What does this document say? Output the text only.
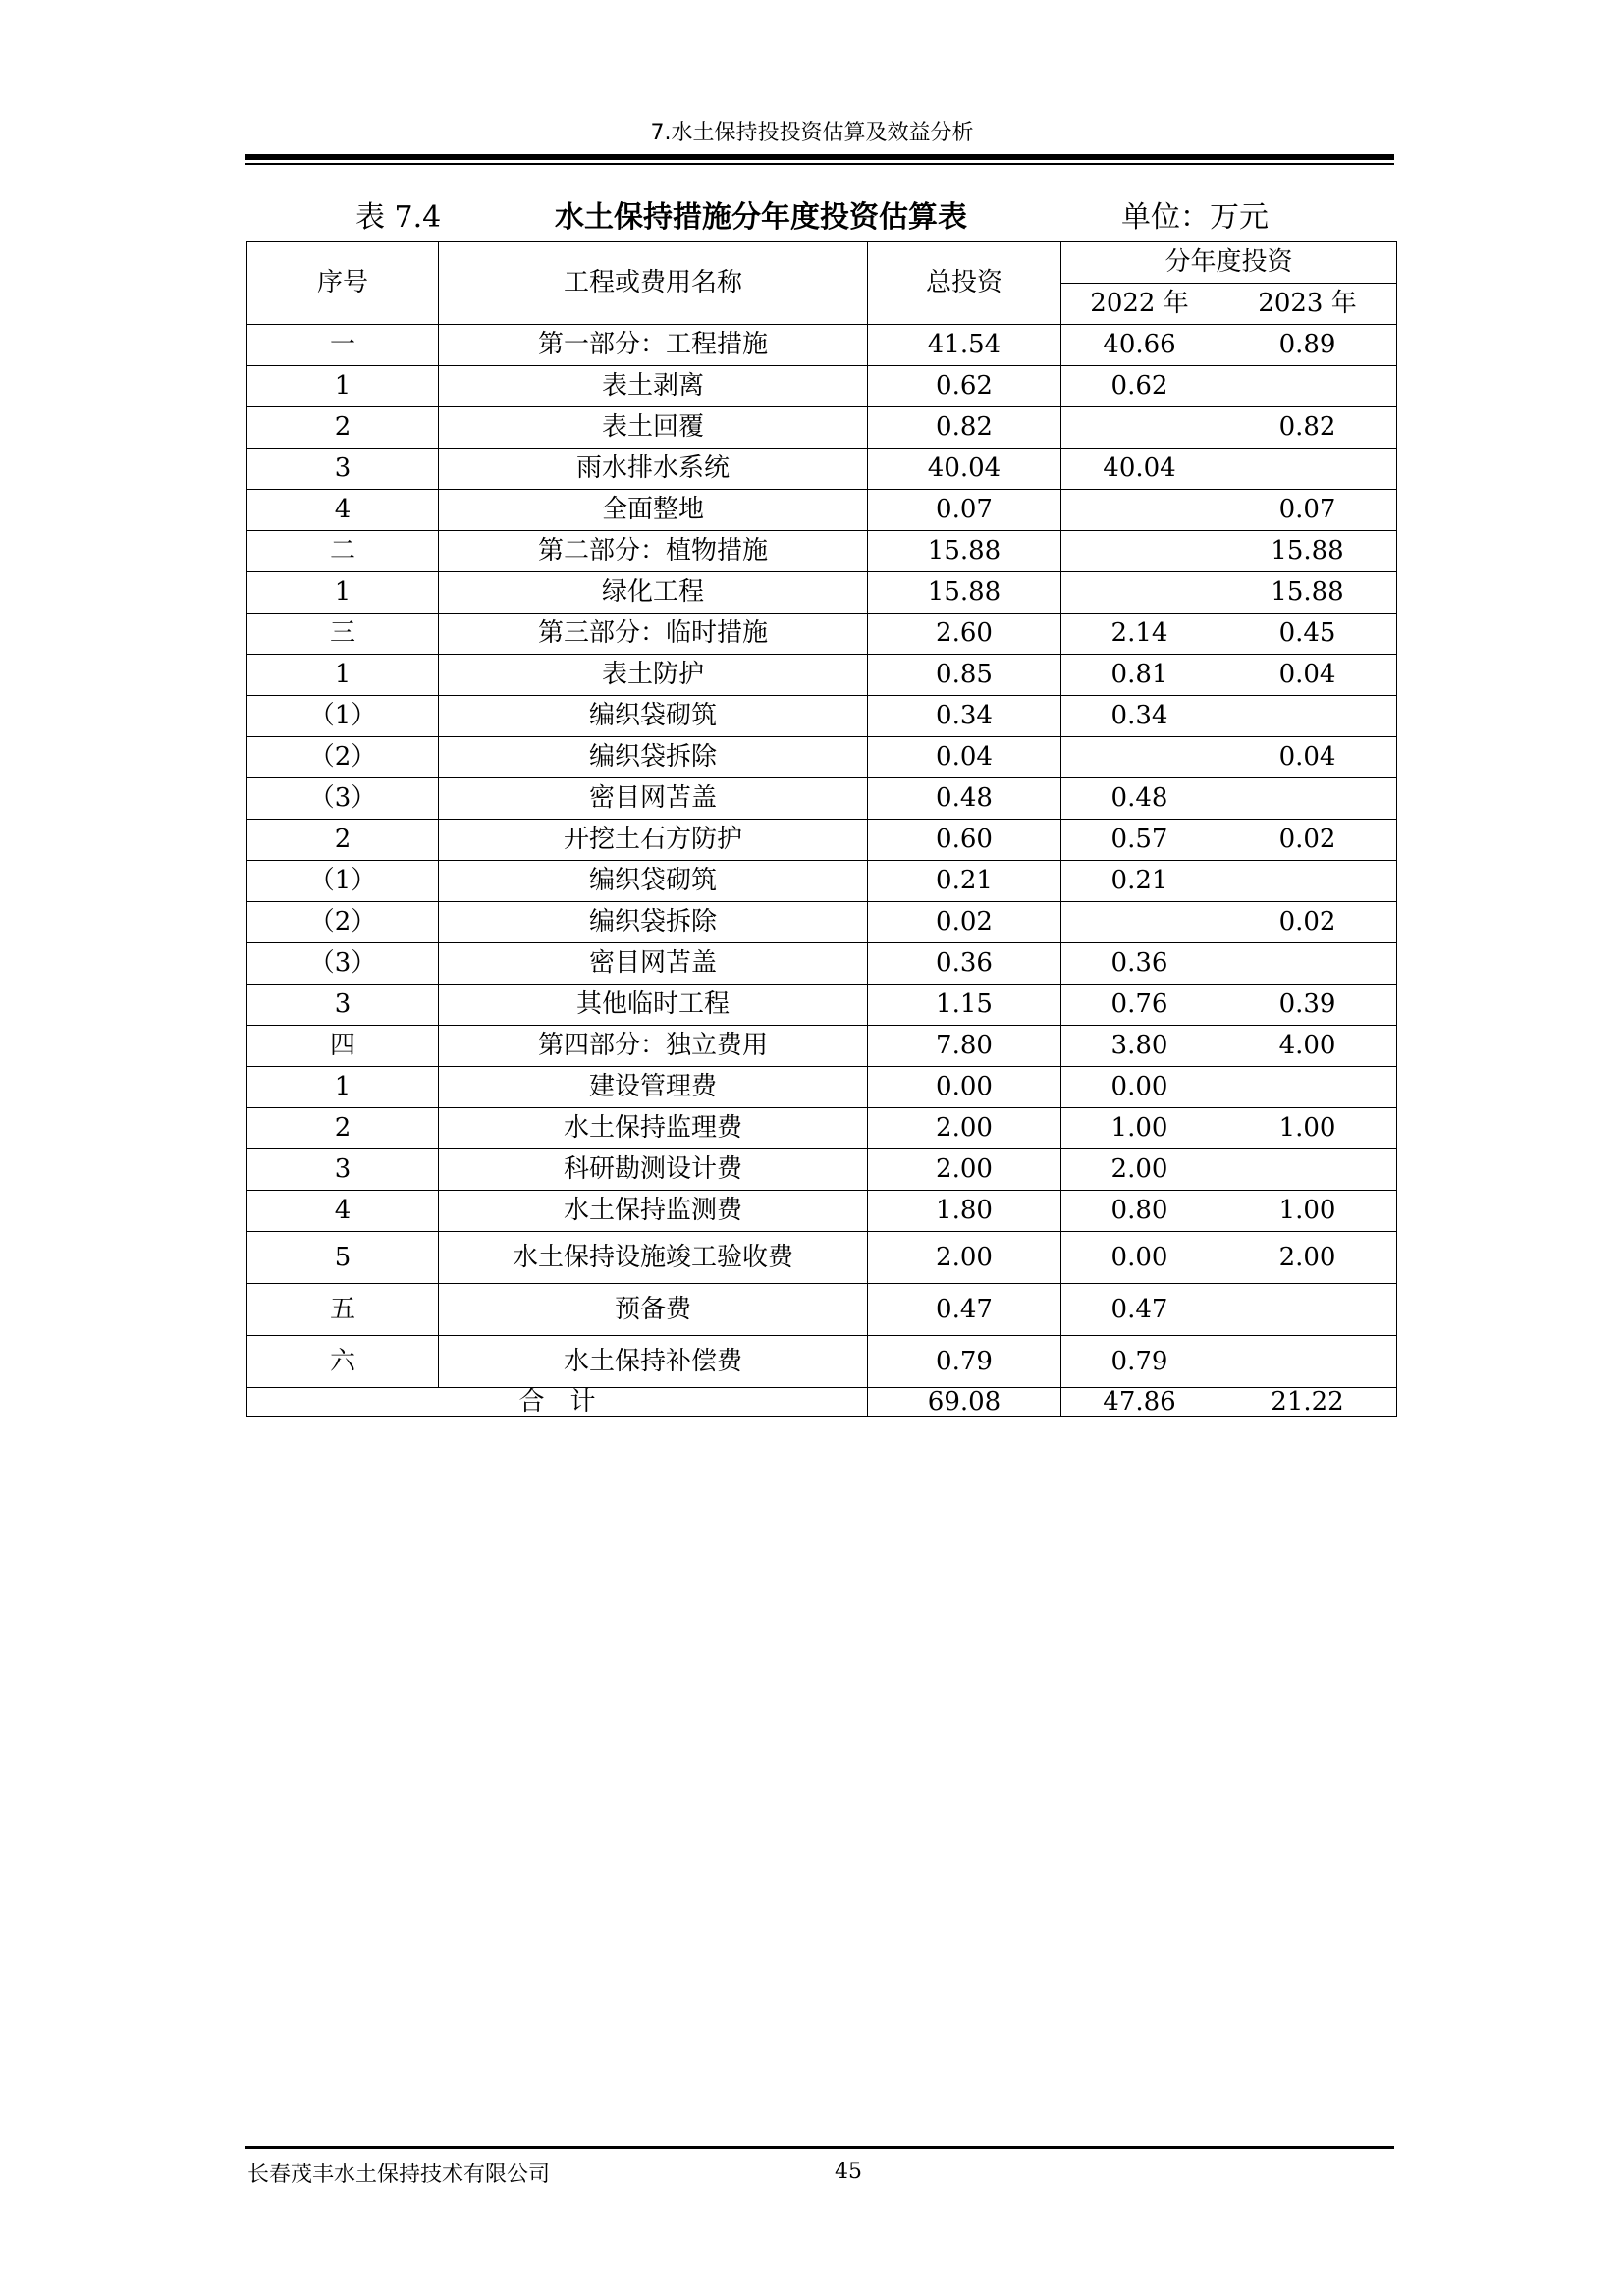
7.水土保持投投资估算及效益分析
表 7.4	水土保持措施分年度投资估算表	单位：万元
序号	工程或费用名称	总投资	分年度投资	
			2022 年	2023 年
一	第一部分：工程措施	41.54	40.66	0.89
1	表土剥离	0.62	0.62	
2	表土回覆	0.82		0.82
3	雨水排水系统	40.04	40.04	
4	全面整地	0.07		0.07
二	第二部分：植物措施	15.88		15.88
1	绿化工程	15.88		15.88
三	第三部分：临时措施	2.60	2.14	0.45
1	表土防护	0.85	0.81	0.04
（1）	编织袋砌筑	0.34	0.34	
（2）	编织袋拆除	0.04		0.04
（3）	密目网苫盖	0.48	0.48	
2	开挖土石方防护	0.60	0.57	0.02
（1）	编织袋砌筑	0.21	0.21	
（2）	编织袋拆除	0.02		0.02
（3）	密目网苫盖	0.36	0.36	
3	其他临时工程	1.15	0.76	0.39
四	第四部分：独立费用	7.80	3.80	4.00
1	建设管理费	0.00	0.00	
2	水土保持监理费	2.00	1.00	1.00
3	科研勘测设计费	2.00	2.00	
4	水土保持监测费	1.80	0.80	1.00
5	水土保持设施竣工验收费	2.00	0.00	2.00
五	预备费	0.47	0.47	
六	水土保持补偿费	0.79	0.79	
合　计		69.08	47.86	21.22
长春茂丰水土保持技术有限公司	45
